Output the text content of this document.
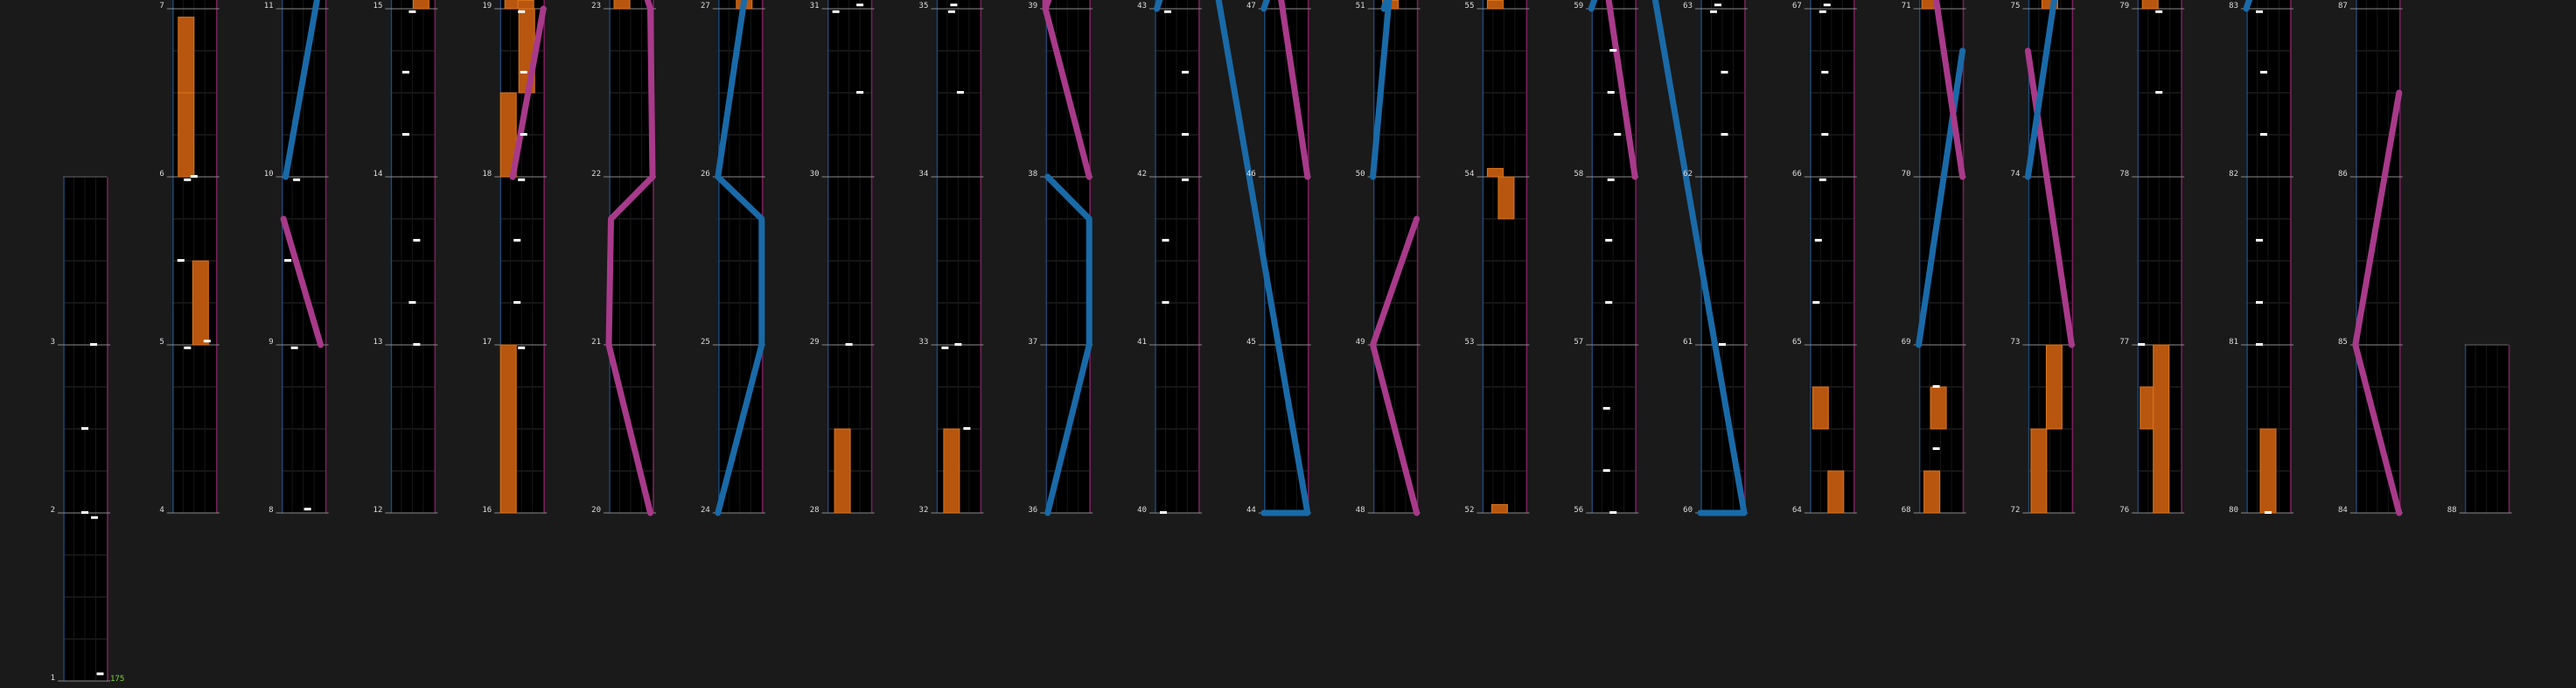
1
2
3
4
5
6
7
8
9
10
11
12
13
14
15
16
17
18
19
20
21
22
23
24
25
26
27
28
29
30
31
32
33
34
35
36
37
38
39
40
41
42
43
44
45
46
47
48
49
50
51
52
53
54
55
56
57
58
59
60
61
62
63
64
65
66
67
68
69
70
71
72
73
74
75
76
77
78
79
80
81
82
83
84
85
86
87
88
175
